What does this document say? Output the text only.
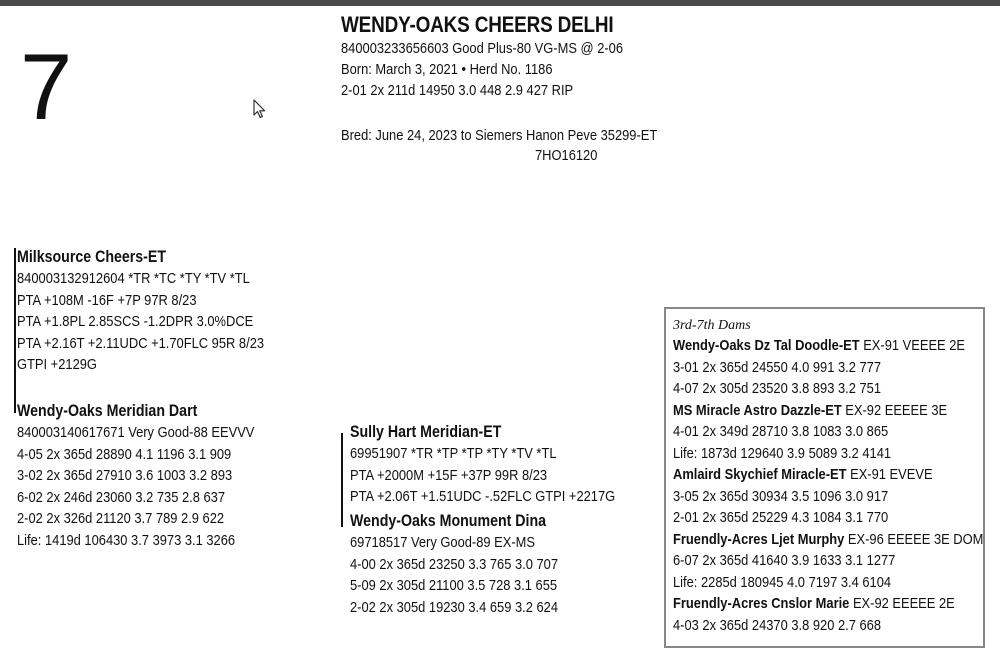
7
WENDY-OAKS CHEERS DELHI
840003233656603 Good Plus-80 VG-MS @ 2-06
Born: March 3, 2021 • Herd No. 1186
2-01 2x 211d 14950 3.0 448 2.9 427 RIP
Bred: June 24, 2023 to Siemers Hanon Peve 35299-ET
7HO16120
Milksource Cheers-ET
840003132912604 *TR *TC *TY *TV *TL
PTA +108M -16F +7P 97R 8/23
PTA +1.8PL 2.85SCS -1.2DPR 3.0%DCE
PTA +2.16T +2.11UDC +1.70FLC 95R 8/23
GTPI +2129G
Wendy-Oaks Meridian Dart
840003140617671 Very Good-88 EEVVV
4-05 2x 365d 28890 4.1 1196 3.1 909
3-02 2x 365d 27910 3.6 1003 3.2 893
6-02 2x 246d 23060 3.2 735 2.8 637
2-02 2x 326d 21120 3.7 789 2.9 622
Life: 1419d 106430 3.7 3973 3.1 3266
Sully Hart Meridian-ET
69951907 *TR *TP *TP *TY *TV *TL
PTA +2000M +15F +37P 99R 8/23
PTA +2.06T +1.51UDC -.52FLC GTPI +2217G
Wendy-Oaks Monument Dina
69718517 Very Good-89 EX-MS
4-00 2x 365d 23250 3.3 765 3.0 707
5-09 2x 305d 21100 3.5 728 3.1 655
2-02 2x 305d 19230 3.4 659 3.2 624
3rd-7th Dams
Wendy-Oaks Dz Tal Doodle-ET EX-91 VEEEE 2E
3-01 2x 365d 24550 4.0 991 3.2 777
4-07 2x 305d 23520 3.8 893 3.2 751
MS Miracle Astro Dazzle-ET EX-92 EEEEE 3E
4-01 2x 349d 28710 3.8 1083 3.0 865
Life: 1873d 129640 3.9 5089 3.2 4141
Amlaird Skychief Miracle-ET EX-91 EVEVE
3-05 2x 365d 30934 3.5 1096 3.0 917
2-01 2x 365d 25229 4.3 1084 3.1 770
Fruendly-Acres Ljet Murphy EX-96 EEEEE 3E DOM
6-07 2x 365d 41640 3.9 1633 3.1 1277
Life: 2285d 180945 4.0 7197 3.4 6104
Fruendly-Acres Cnslor Marie EX-92 EEEEE 2E
4-03 2x 365d 24370 3.8 920 2.7 668
